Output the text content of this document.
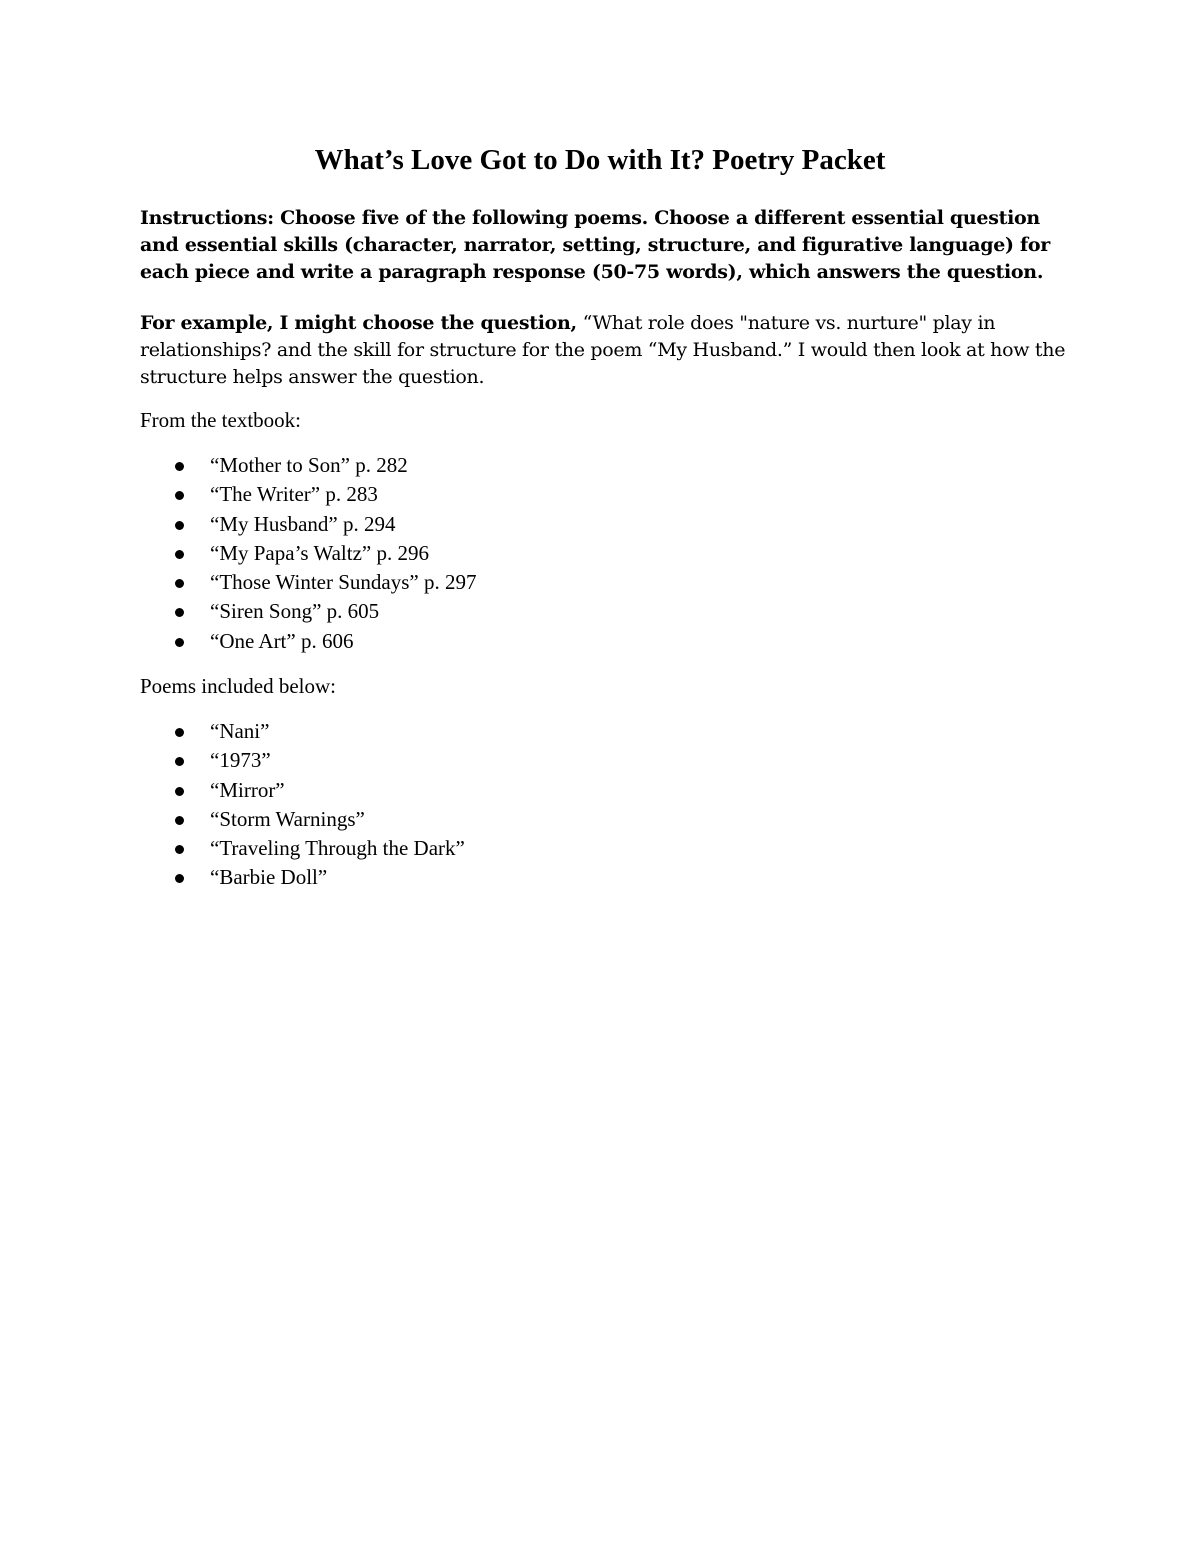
What’s Love Got to Do with It? Poetry Packet

Instructions: Choose five of the following poems. Choose a different essential question and essential skills (character, narrator, setting, structure, and figurative language) for each piece and write a paragraph response (50-75 words), which answers the question.

For example, I might choose the question, “What role does "nature vs. nurture" play in relationships? and the skill for structure for the poem “My Husband.” I would then look at how the structure helps answer the question.

From the textbook:

“Mother to Son” p. 282
“The Writer” p. 283
“My Husband” p. 294
“My Papa’s Waltz” p. 296
“Those Winter Sundays” p. 297
“Siren Song” p. 605
“One Art” p. 606

Poems included below:

“Nani”
“1973”
“Mirror”
“Storm Warnings”
“Traveling Through the Dark”
“Barbie Doll”
